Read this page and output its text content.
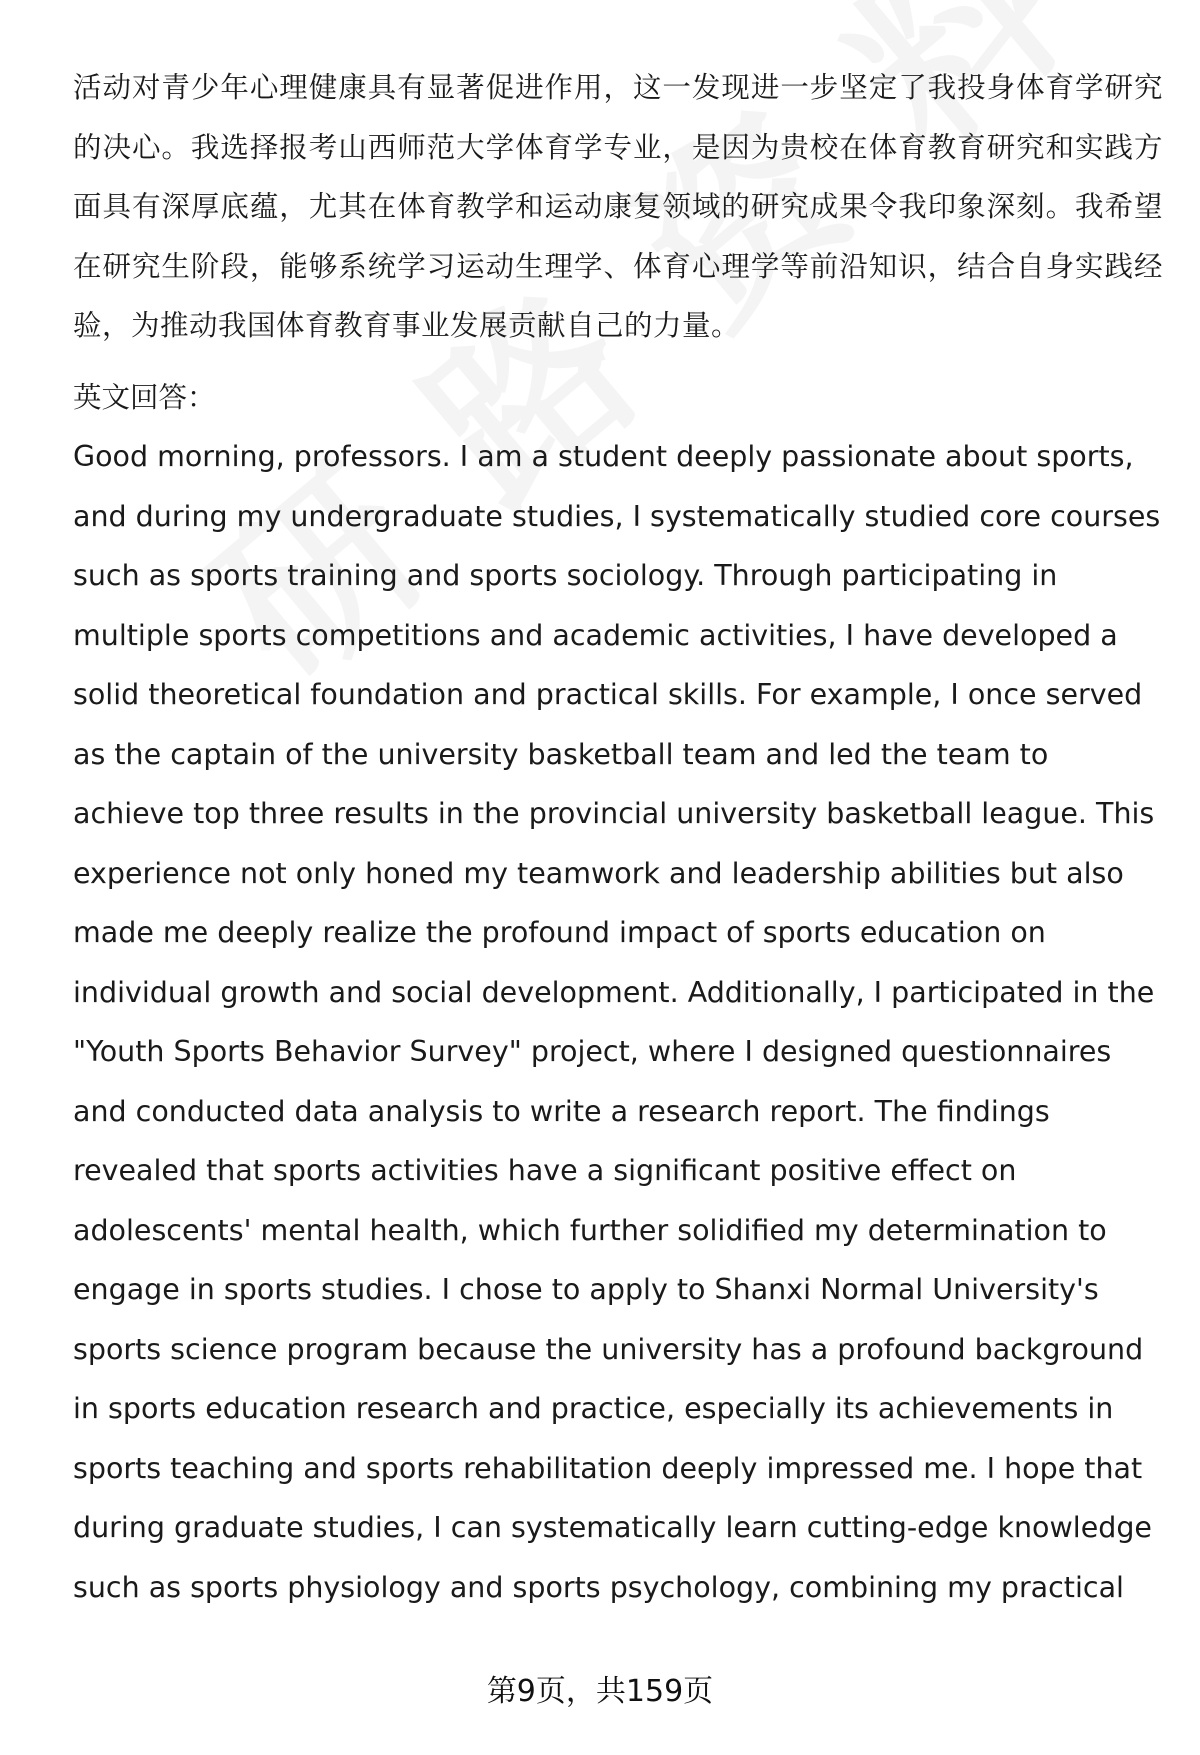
活动对青少年心理健康具有显著促进作用，这一发现进一步坚定了我投身体育学研究的决心。我选择报考山西师范大学体育学专业，是因为贵校在体育教育研究和实践方面具有深厚底蕴，尤其在体育教学和运动康复领域的研究成果令我印象深刻。我希望在研究生阶段，能够系统学习运动生理学、体育心理学等前沿知识，结合自身实践经验，为推动我国体育教育事业发展贡献自己的力量。

英文回答：

Good morning, professors. I am a student deeply passionate about sports, and during my undergraduate studies, I systematically studied core courses such as sports training and sports sociology. Through participating in multiple sports competitions and academic activities, I have developed a solid theoretical foundation and practical skills. For example, I once served as the captain of the university basketball team and led the team to achieve top three results in the provincial university basketball league. This experience not only honed my teamwork and leadership abilities but also made me deeply realize the profound impact of sports education on individual growth and social development. Additionally, I participated in the "Youth Sports Behavior Survey" project, where I designed questionnaires and conducted data analysis to write a research report. The findings revealed that sports activities have a significant positive effect on adolescents' mental health, which further solidified my determination to engage in sports studies. I chose to apply to Shanxi Normal University's sports science program because the university has a profound background in sports education research and practice, especially its achievements in sports teaching and sports rehabilitation deeply impressed me. I hope that during graduate studies, I can systematically learn cutting-edge knowledge such as sports physiology and sports psychology, combining my practical

第9页，共159页
